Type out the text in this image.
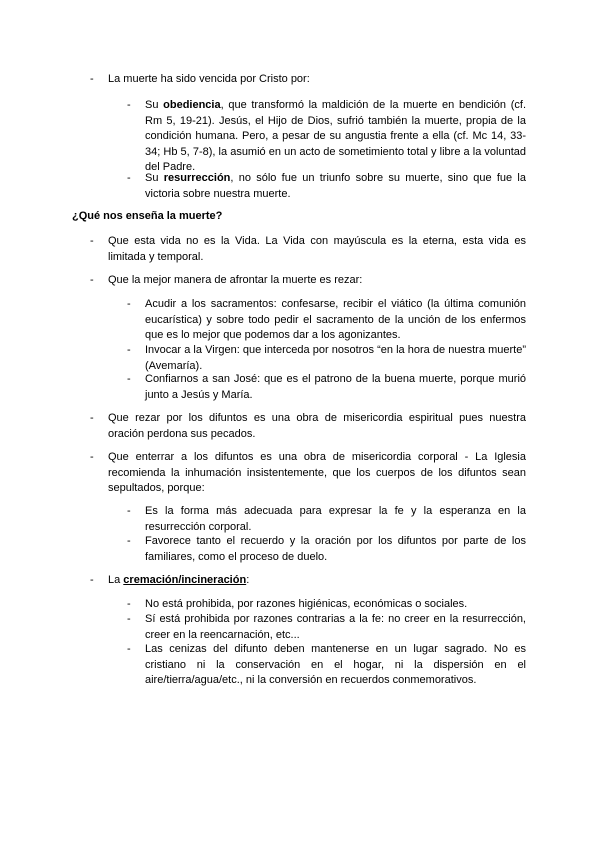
- La muerte ha sido vencida por Cristo por:

- Su obediencia, que transformó la maldición de la muerte en bendición (cf. Rm 5, 19-21). Jesús, el Hijo de Dios, sufrió también la muerte, propia de la condición humana. Pero, a pesar de su angustia frente a ella (cf. Mc 14, 33-34; Hb 5, 7-8), la asumió en un acto de sometimiento total y libre a la voluntad del Padre.

- Su resurrección, no sólo fue un triunfo sobre su muerte, sino que fue la victoria sobre nuestra muerte.

¿Qué nos enseña la muerte?

- Que esta vida no es la Vida. La Vida con mayúscula es la eterna, esta vida es limitada y temporal.

- Que la mejor manera de afrontar la muerte es rezar:

- Acudir a los sacramentos: confesarse, recibir el viático (la última comunión eucarística) y sobre todo pedir el sacramento de la unción de los enfermos que es lo mejor que podemos dar a los agonizantes.

- Invocar a la Virgen: que interceda por nosotros “en la hora de nuestra muerte” (Avemaría).

- Confiarnos a san José: que es el patrono de la buena muerte, porque murió junto a Jesús y María.

- Que rezar por los difuntos es una obra de misericordia espiritual pues nuestra oración perdona sus pecados.

- Que enterrar a los difuntos es una obra de misericordia corporal - La Iglesia recomienda la inhumación insistentemente, que los cuerpos de los difuntos sean sepultados, porque:

- Es la forma más adecuada para expresar la fe y la esperanza en la resurrección corporal.

- Favorece tanto el recuerdo y la oración por los difuntos por parte de los familiares, como el proceso de duelo.

- La cremación/incineración:

- No está prohibida, por razones higiénicas, económicas o sociales.

- Sí está prohibida por razones contrarias a la fe: no creer en la resurrección, creer en la reencarnación, etc...

- Las cenizas del difunto deben mantenerse en un lugar sagrado. No es cristiano ni la conservación en el hogar, ni la dispersión en el aire/tierra/agua/etc., ni la conversión en recuerdos conmemorativos.
